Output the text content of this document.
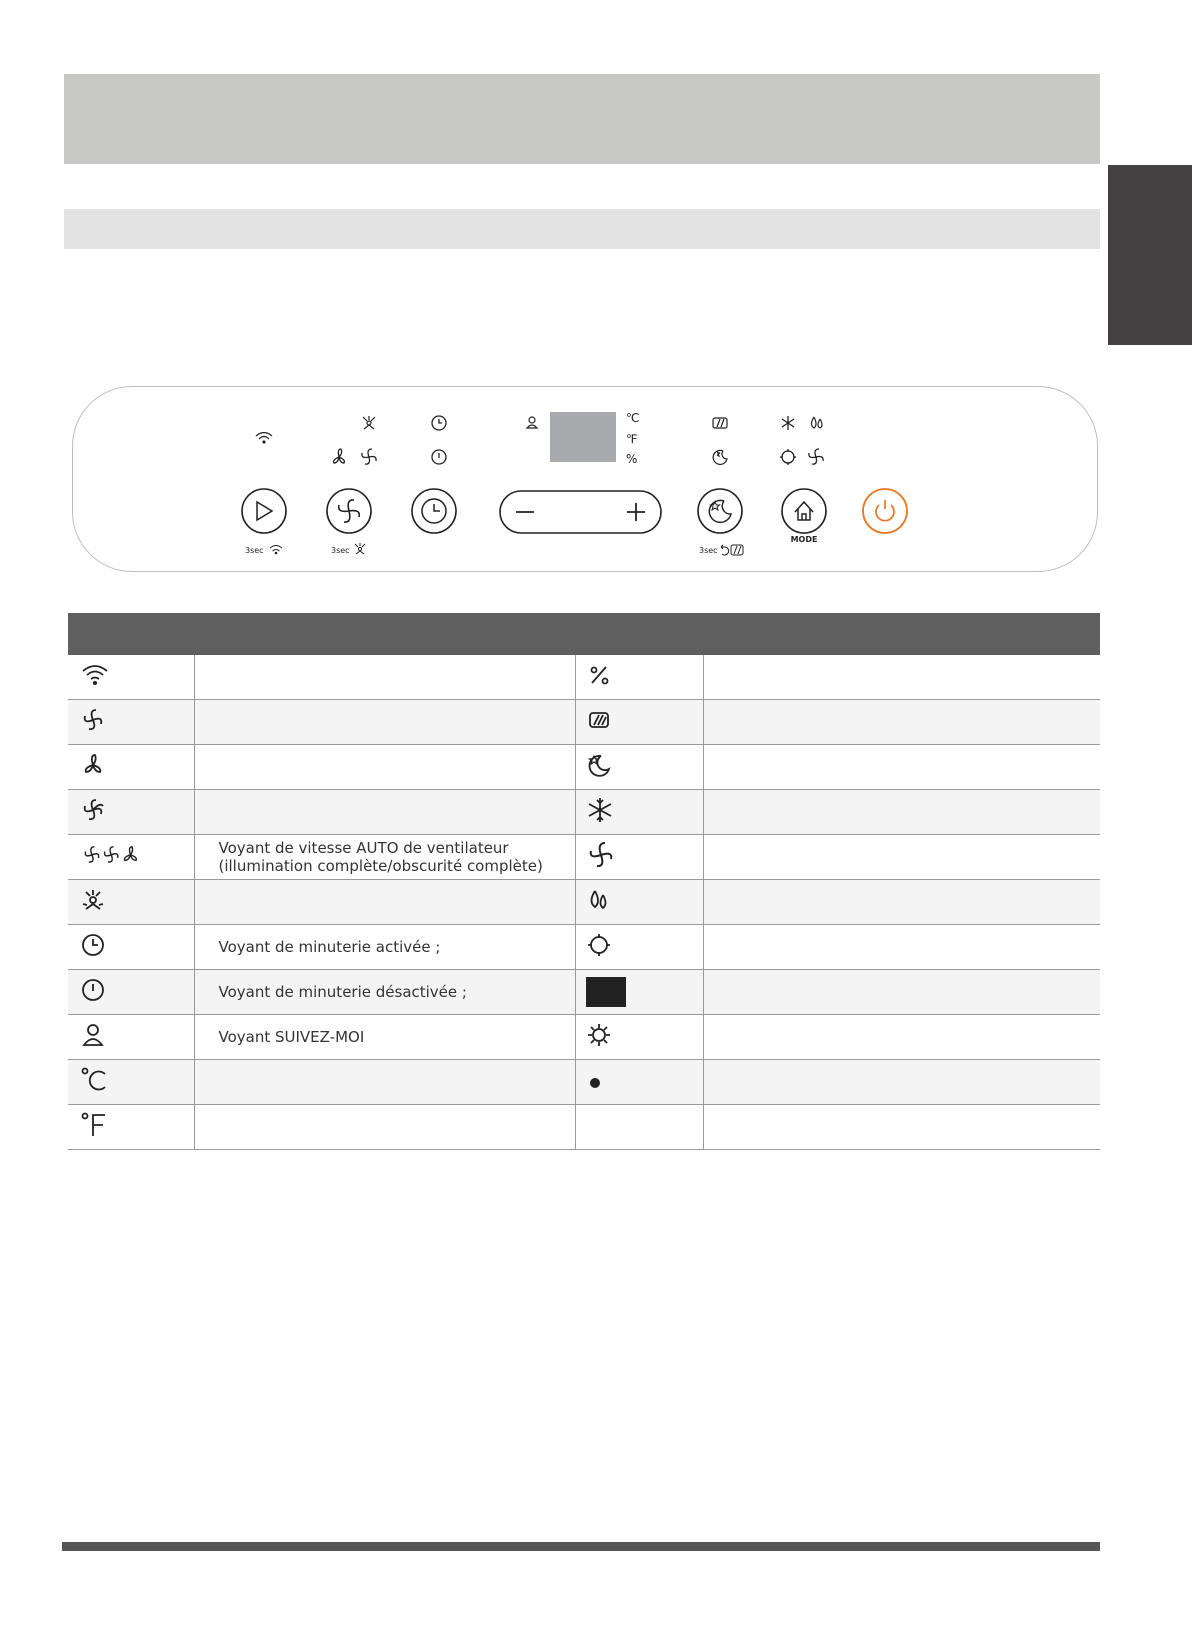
℃
℉
%
MODE
3sec	3sec	3sec

	Voyant de vitesse AUTO de ventilateur
(illumination complète/obscurité complète)		

	Voyant de minuterie activée ;		
	Voyant de minuterie désactivée ;		
	Voyant SUIVEZ-MOI		
